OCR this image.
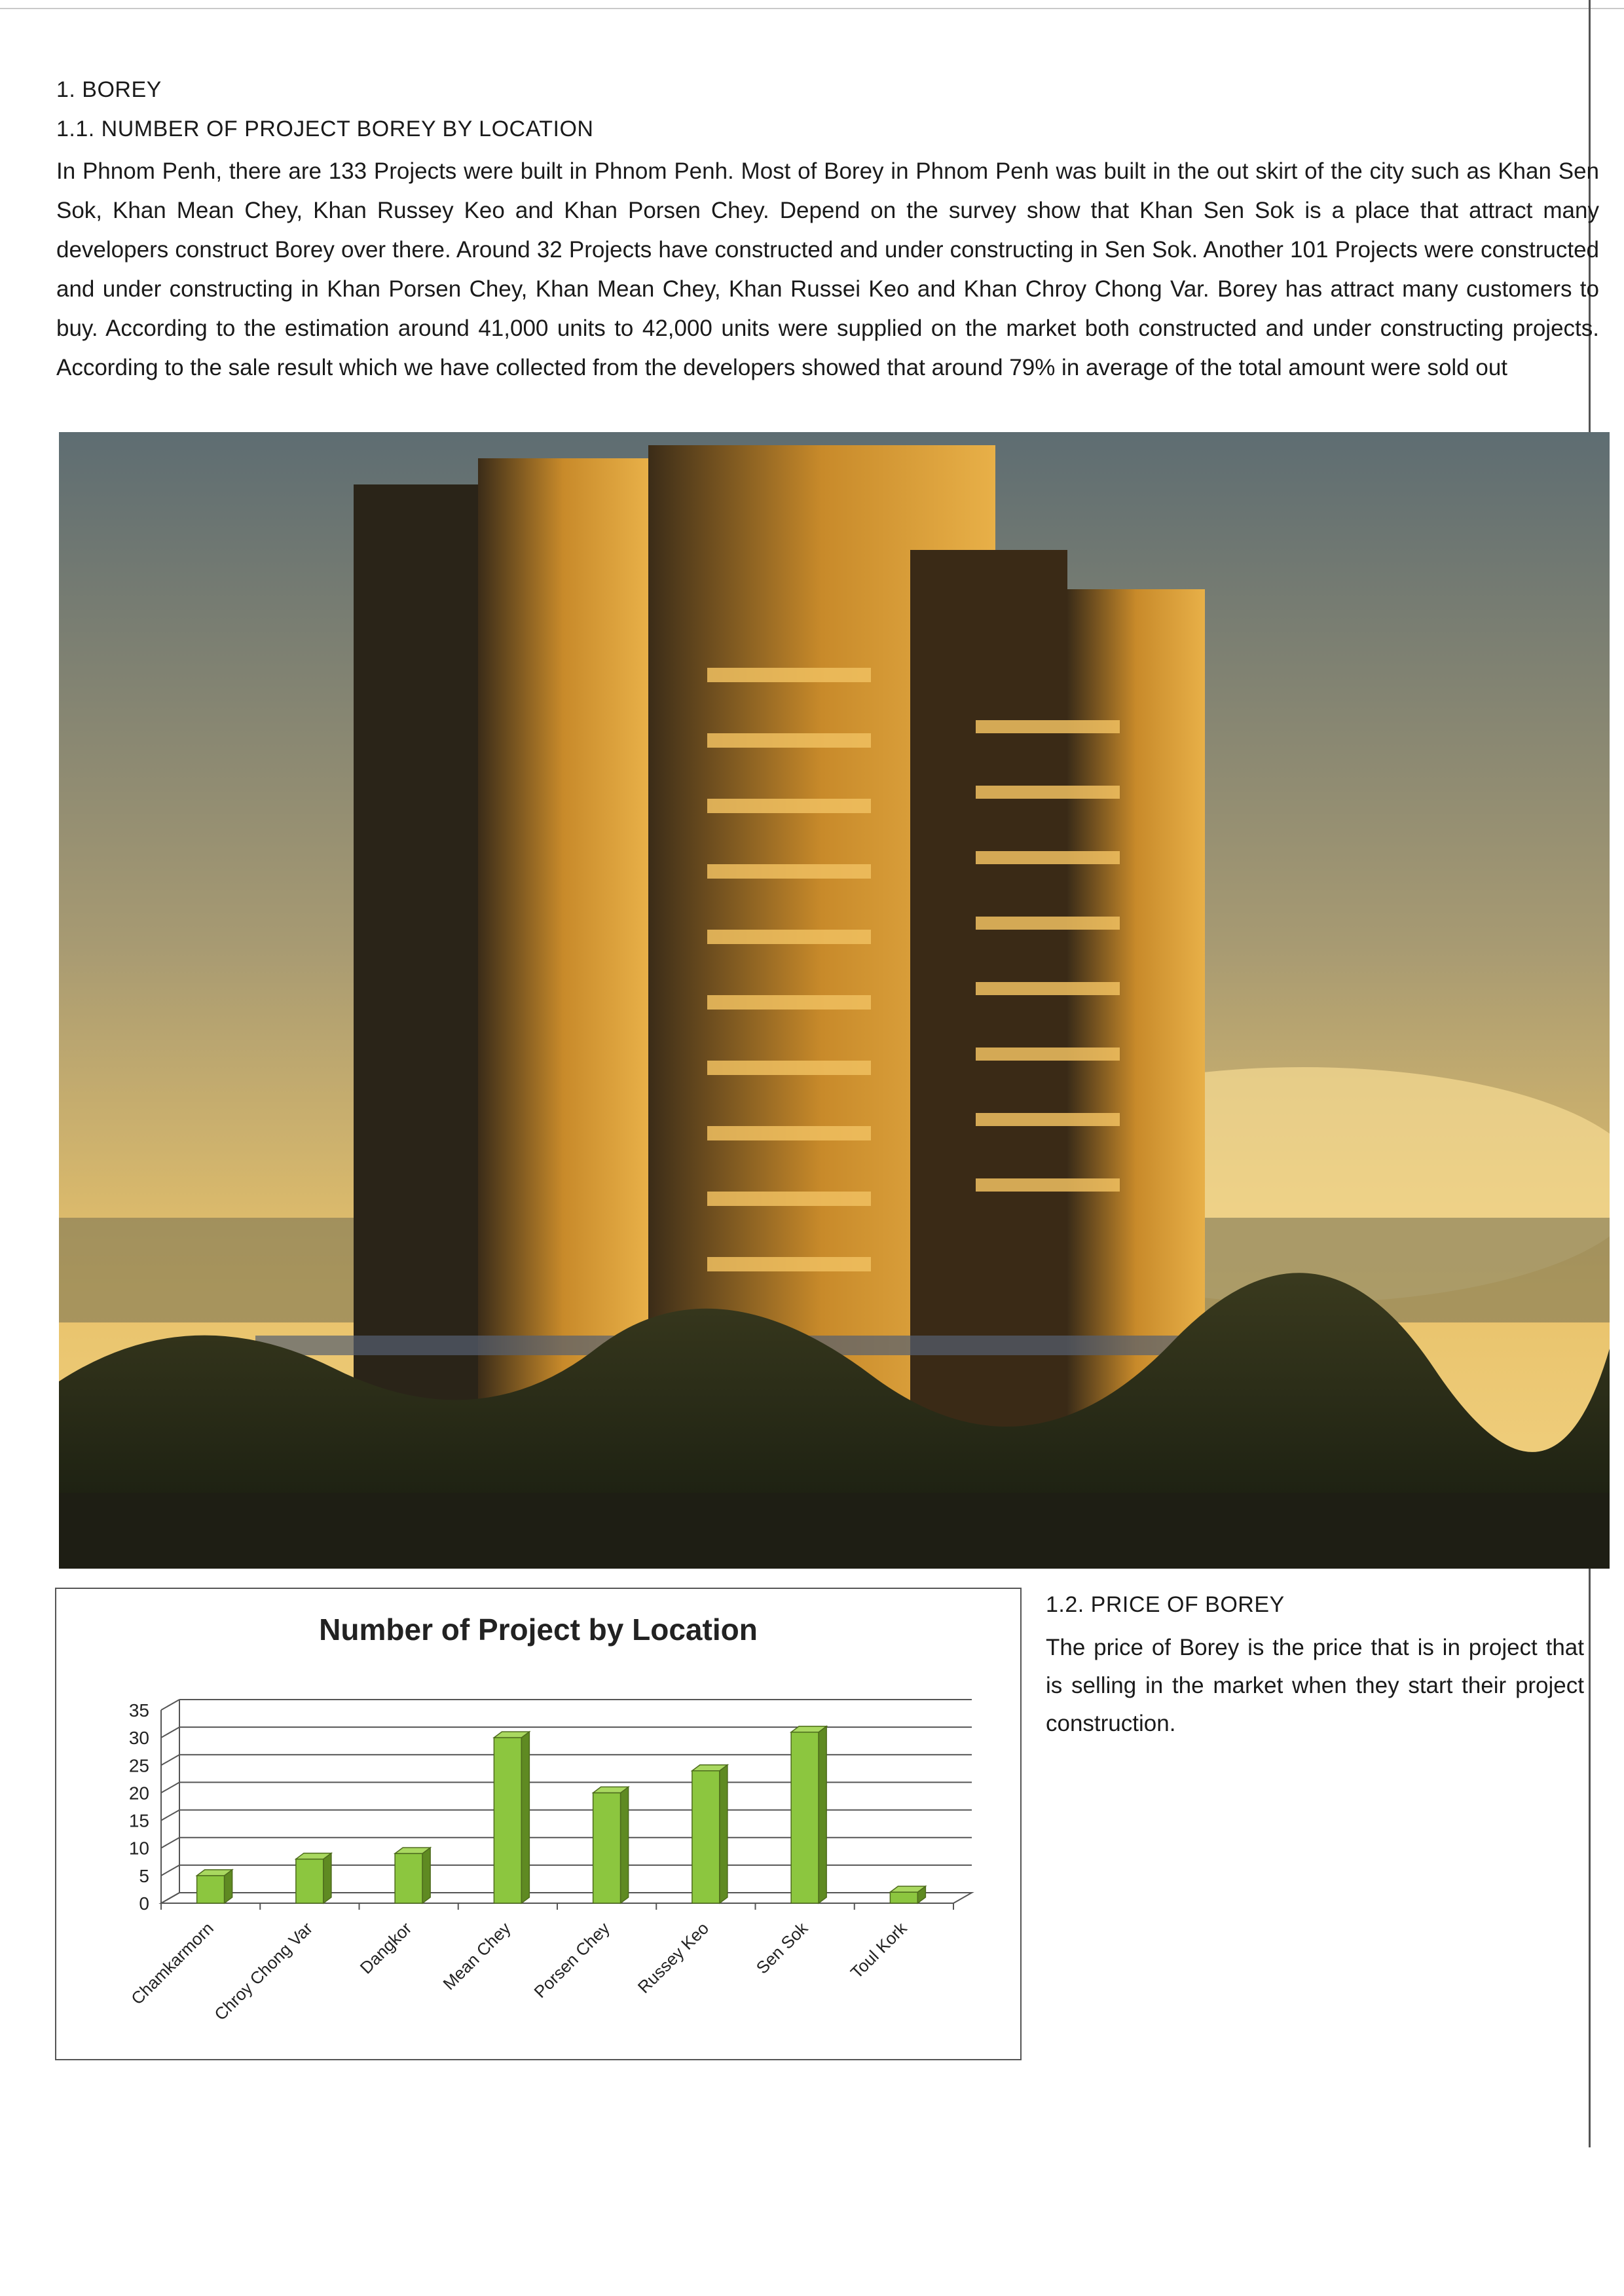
1. BOREY
1.1. NUMBER OF PROJECT BOREY BY LOCATION

In Phnom Penh, there are 133 Projects were built in Phnom Penh. Most of Borey in Phnom Penh was built in the out skirt of the city such as Khan Sen Sok, Khan Mean Chey, Khan Russey Keo and Khan Porsen Chey. Depend on the survey show that Khan Sen Sok is a place that attract many developers construct Borey over there. Around 32 Projects have constructed and under constructing in Sen Sok. Another 101 Projects were constructed and under constructing in Khan Porsen Chey, Khan Mean Chey, Khan Russei Keo and Khan Chroy Chong Var. Borey has attract many customers to buy. According to the estimation around 41,000 units to 42,000 units were supplied on the market both constructed and under constructing projects. According to the sale result which we have collected from the developers showed that around 79% in average of the total amount were sold out

Number of Project by Location
0
5
10
15
20
25
30
35
Chamkarmorn
Chroy Chong Var Dangkor Mean Chey Porsen Chey Russey Keo Sen Sok Toul Kork
1.2. PRICE OF BOREY

The price of Borey is the price that is in project that is selling in the market when they start their project construction.
